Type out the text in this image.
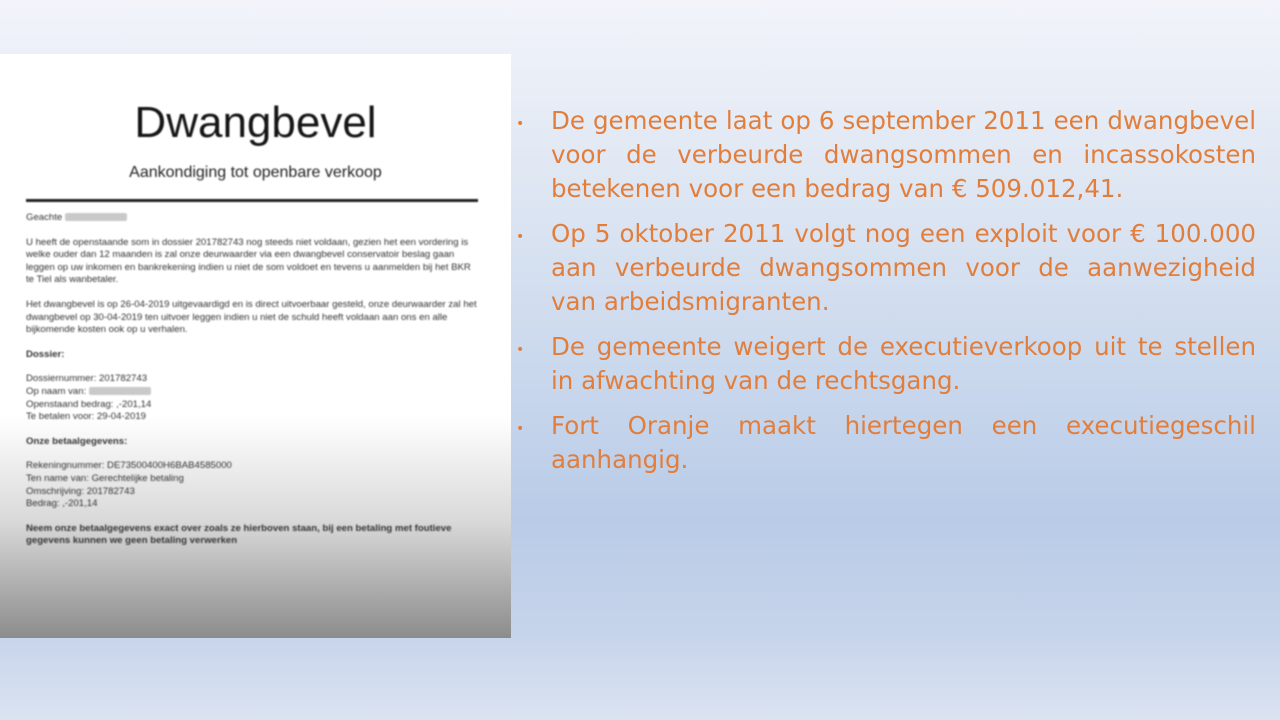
Dwangbevel
Aankondiging tot openbare verkoop

Geachte

U heeft de openstaande som in dossier 201782743 nog steeds niet voldaan, gezien het een vordering is welke ouder dan 12 maanden is zal onze deurwaarder via een dwangbevel conservatoir beslag gaan leggen op uw inkomen en bankrekening indien u niet de som voldoet en tevens u aanmelden bij het BKR te Tiel als wanbetaler.

Het dwangbevel is op 26-04-2019 uitgevaardigd en is direct uitvoerbaar gesteld, onze deurwaarder zal het dwangbevel op 30-04-2019 ten uitvoer leggen indien u niet de schuld heeft voldaan aan ons en alle bijkomende kosten ook op u verhalen.

Dossier:

Dossiernummer: 201782743
Op naam van:
Openstaand bedrag: ,-201,14
Te betalen voor: 29-04-2019

Onze betaalgegevens:

Rekeningnummer: DE73500400H6BAB4585000
Ten name van: Gerechtelijke betaling
Omschrijving: 201782743
Bedrag: ,-201,14

Neem onze betaalgegevens exact over zoals ze hierboven staan, bij een betaling met foutieve gegevens kunnen we geen betaling verwerken

• De gemeente laat op 6 september 2011 een dwangbevel voor de verbeurde dwangsommen en incassokosten betekenen voor een bedrag van € 509.012,41.
• Op 5 oktober 2011 volgt nog een exploit voor € 100.000 aan verbeurde dwangsommen voor de aanwezigheid van arbeidsmigranten.
• De gemeente weigert de executieverkoop uit te stellen in afwachting van de rechtsgang.
• Fort Oranje maakt hiertegen een executiegeschil aanhangig.
